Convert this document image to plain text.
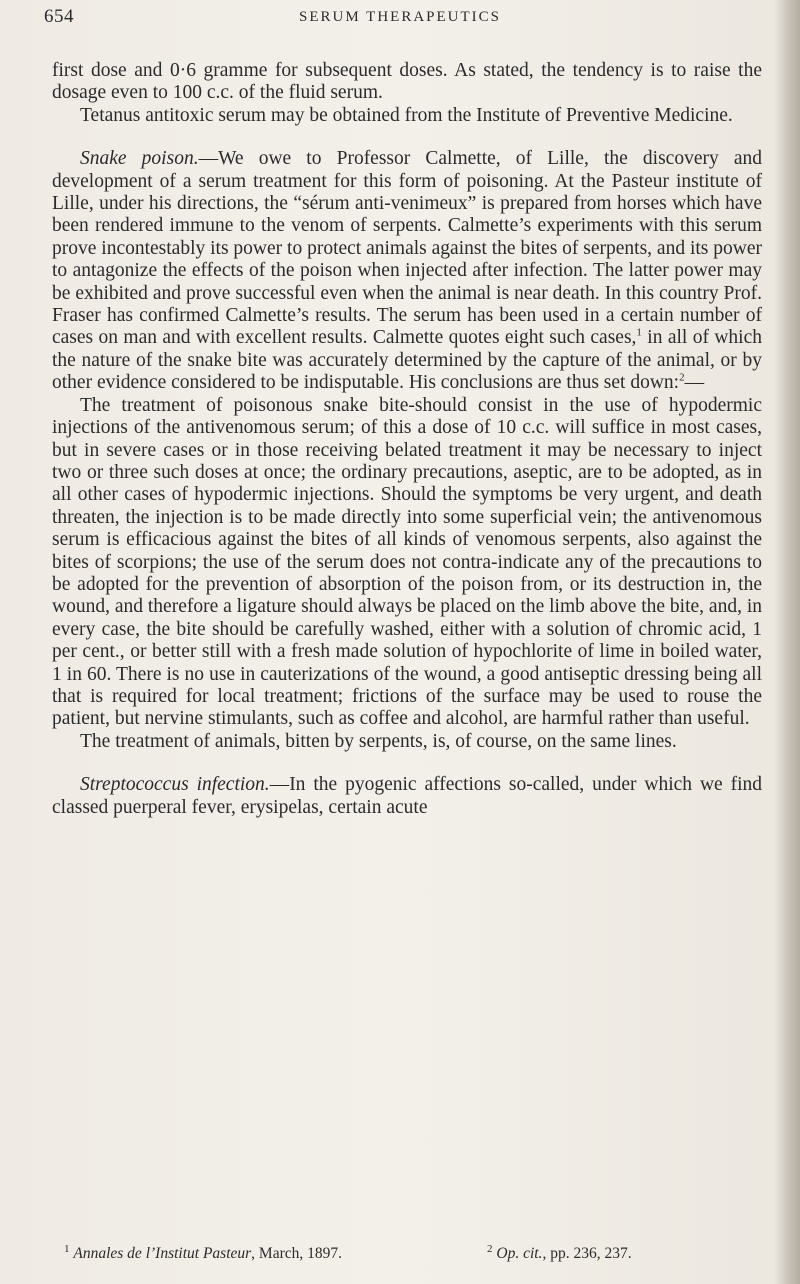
654	SERUM THERAPEUTICS

first dose and 0·6 gramme for subsequent doses. As stated, the tendency is to raise the dosage even to 100 c.c. of the fluid serum.

Tetanus antitoxic serum may be obtained from the Institute of Preventive Medicine.

Snake poison.—We owe to Professor Calmette, of Lille, the discovery and development of a serum treatment for this form of poisoning. At the Pasteur institute of Lille, under his directions, the “sérum anti-venimeux” is prepared from horses which have been rendered immune to the venom of serpents. Calmette’s experiments with this serum prove incontestably its power to protect animals against the bites of serpents, and its power to antagonize the effects of the poison when injected after infection. The latter power may be exhibited and prove successful even when the animal is near death. In this country Prof. Fraser has confirmed Calmette’s results. The serum has been used in a certain number of cases on man and with excellent results. Calmette quotes eight such cases,$^1$ in all of which the nature of the snake bite was accurately determined by the capture of the animal, or by other evidence considered to be indisputable. His conclusions are thus set down:$^2$—

The treatment of poisonous snake bite-should consist in the use of hypodermic injections of the antivenomous serum; of this a dose of 10 c.c. will suffice in most cases, but in severe cases or in those receiving belated treatment it may be necessary to inject two or three such doses at once; the ordinary precautions, aseptic, are to be adopted, as in all other cases of hypodermic injections. Should the symptoms be very urgent, and death threaten, the injection is to be made directly into some superficial vein; the antivenomous serum is efficacious against the bites of all kinds of venomous serpents, also against the bites of scorpions; the use of the serum does not contra-indicate any of the precautions to be adopted for the prevention of absorption of the poison from, or its destruction in, the wound, and therefore a ligature should always be placed on the limb above the bite, and, in every case, the bite should be carefully washed, either with a solution of chromic acid, 1 per cent., or better still with a fresh made solution of hypochlorite of lime in boiled water, 1 in 60. There is no use in cauterizations of the wound, a good antiseptic dressing being all that is required for local treatment; frictions of the surface may be used to rouse the patient, but nervine stimulants, such as coffee and alcohol, are harmful rather than useful.

The treatment of animals, bitten by serpents, is, of course, on the same lines.

Streptococcus infection.—In the pyogenic affections so-called, under which we find classed puerperal fever, erysipelas, certain acute

$^1$ Annales de l’Institut Pasteur, March, 1897.	$^2$ Op. cit., pp. 236, 237.
